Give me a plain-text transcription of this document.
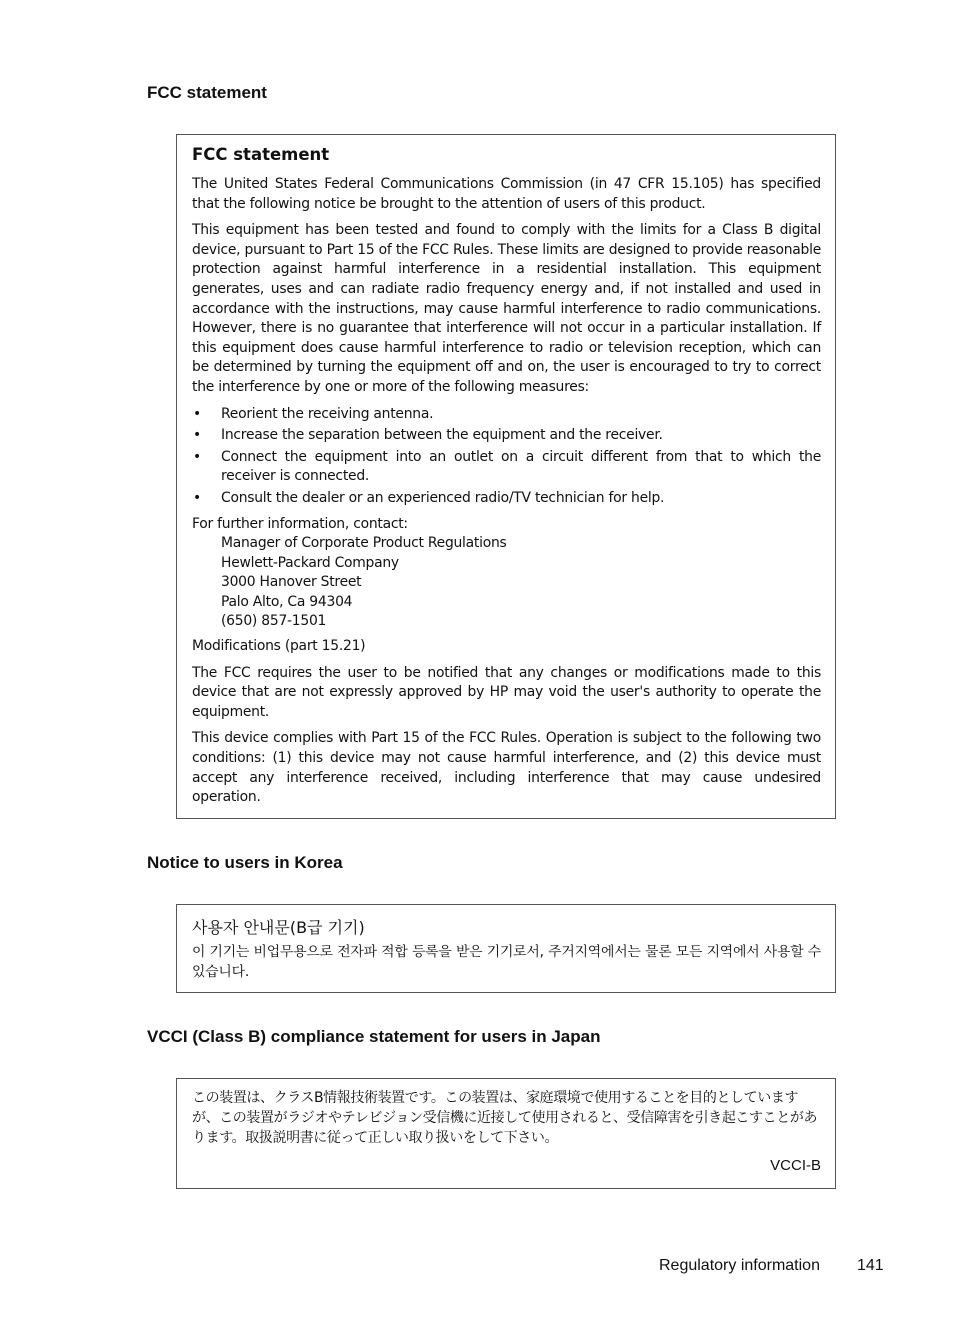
FCC statement
FCC statement

The United States Federal Communications Commission (in 47 CFR 15.105) has specified that the following notice be brought to the attention of users of this product.

This equipment has been tested and found to comply with the limits for a Class B digital device, pursuant to Part 15 of the FCC Rules. These limits are designed to provide reasonable protection against harmful interference in a residential installation. This equipment generates, uses and can radiate radio frequency energy and, if not installed and used in accordance with the instructions, may cause harmful interference to radio communications. However, there is no guarantee that interference will not occur in a particular installation. If this equipment does cause harmful interference to radio or television reception, which can be determined by turning the equipment off and on, the user is encouraged to try to correct the interference by one or more of the following measures:

• Reorient the receiving antenna.
• Increase the separation between the equipment and the receiver.
• Connect the equipment into an outlet on a circuit different from that to which the receiver is connected.
• Consult the dealer or an experienced radio/TV technician for help.
For further information, contact:
Manager of Corporate Product Regulations
Hewlett-Packard Company
3000 Hanover Street
Palo Alto, Ca 94304
(650) 857-1501

Modifications (part 15.21)

The FCC requires the user to be notified that any changes or modifications made to this device that are not expressly approved by HP may void the user's authority to operate the equipment.

This device complies with Part 15 of the FCC Rules. Operation is subject to the following two conditions: (1) this device may not cause harmful interference, and (2) this device must accept any interference received, including interference that may cause undesired operation.

Notice to users in Korea
사용자 안내문(B급 기기)

이 기기는 비업무용으로 전자파 적합 등록을 받은 기기로서, 주거지역에서는 물론 모든 지역에서 사용할 수 있습니다.

VCCI (Class B) compliance statement for users in Japan

この装置は、クラスB情報技術装置です。この装置は、家庭環境で使用することを目的としていますが、この装置がラジオやテレビジョン受信機に近接して使用されると、受信障害を引き起こすことがあります。取扱説明書に従って正しい取り扱いをして下さい。

VCCI-B
Regulatory information 141
